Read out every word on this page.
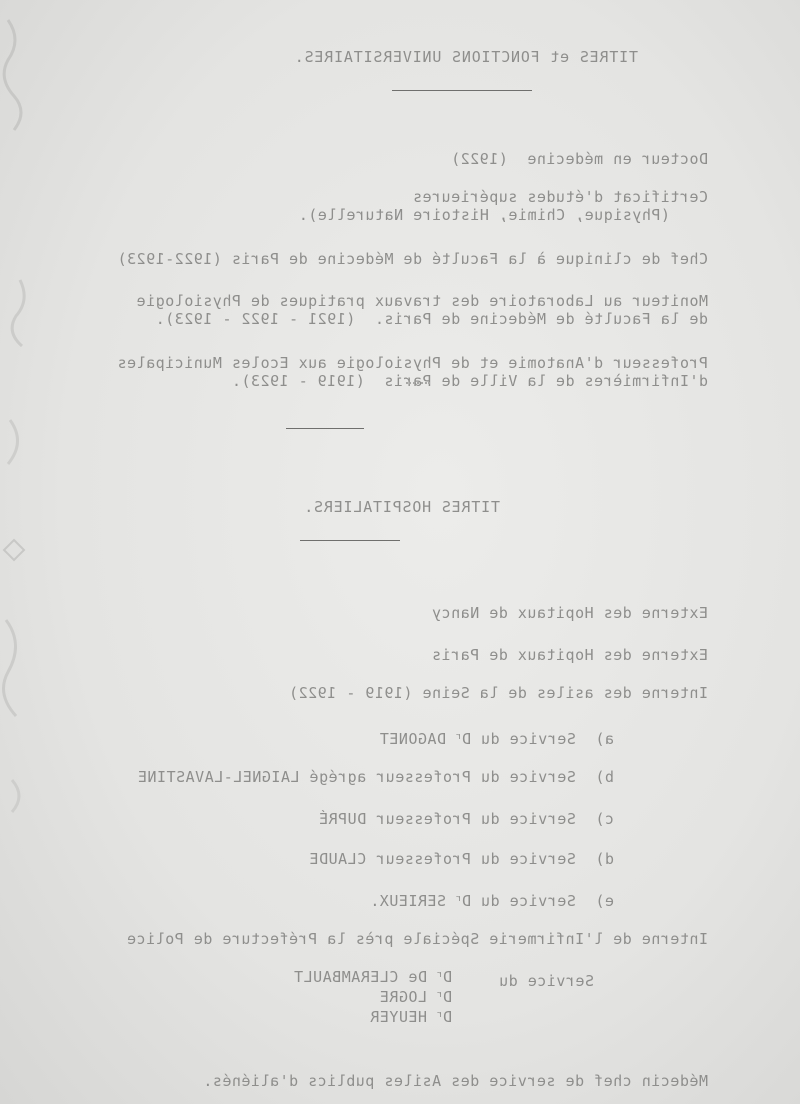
TITRES et FONCTIONS UNIVERSITAIRES.
Docteur en médecine  (1922)
Certificat d'études supérieures
(Physique, Chimie, Histoire Naturelle).
Chef de clinique à la Faculté de Médecine de Paris (1922-1923)
Moniteur au Laboratoire des travaux pratiques de Physiologie
de la Faculté de Médecine de Paris.  (1921 - 1922 - 1923).
Professeur d'Anatomie et de Physiologie aux Ecoles Municipales
d'Infirmières de la Ville de Paris  (1919 - 1923).
TITRES HOSPITALIERS.
Externe des Hopitaux de Nancy
Externe des Hopitaux de Paris
Interne des asiles de la Seine (1919 - 1922)
a)  Service du $D^r$ DAGONET
b)  Service du Professeur agrégé LAIGNEL-LAVASTINE
c)  Service du Professeur DUPRÉ
d)  Service du Professeur CLAUDE
e)  Service du $D^r$ SERIEUX.
Interne de l'Infirmerie Spéciale près la Préfecture de Police
Service du
$D^r$ De CLERAMBAULT
$D^r$ LOGRE
$D^r$ HEUYER
Médecin chef de service des Asiles publics d'aliénés.
